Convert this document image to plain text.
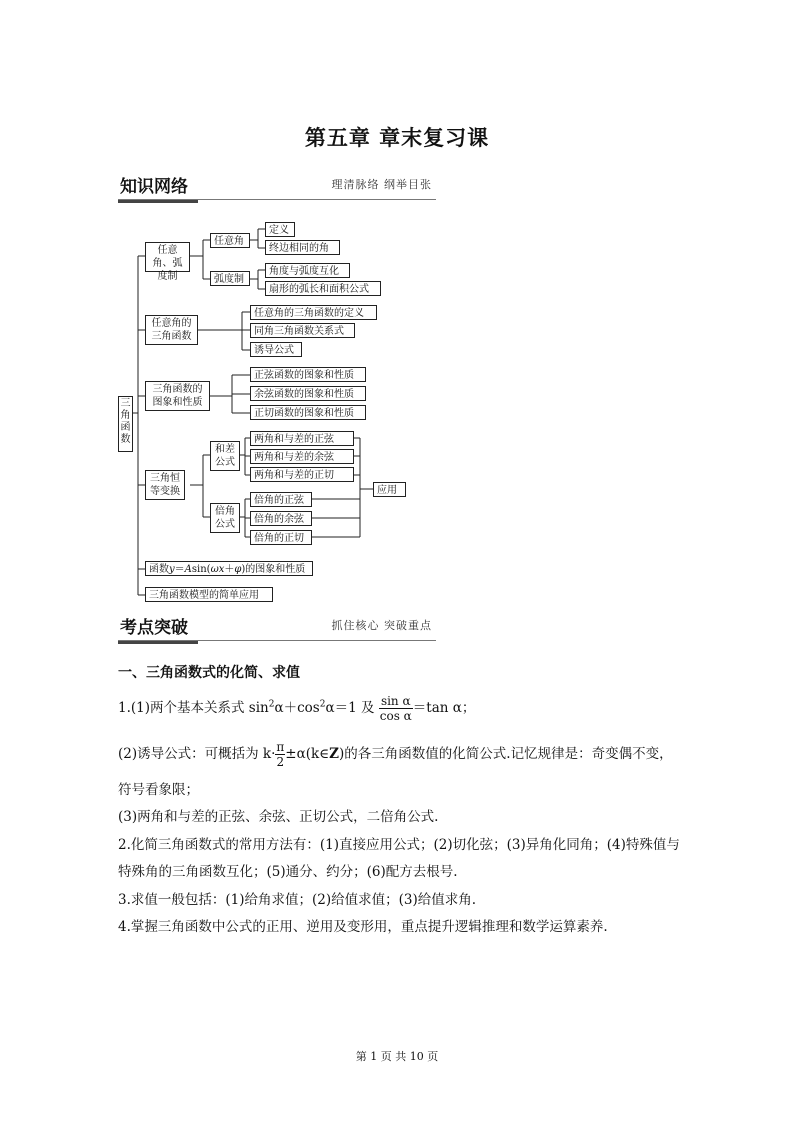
第五章 章末复习课
知识网络	理清脉络 纲举目张
三角函数
任意角、弧度制
任意角
定义
终边相同的角
弧度制
角度与弧度互化
扇形的弧长和面积公式
任意角的三角函数
任意角的三角函数的定义
同角三角函数关系式
诱导公式
三角函数的图象和性质
正弦函数的图象和性质
余弦函数的图象和性质
正切函数的图象和性质
三角恒等变换
和差公式
两角和与差的正弦
两角和与差的余弦
两角和与差的正切
倍角公式
倍角的正弦
倍角的余弦
倍角的正切
应用
函数y＝Asin(ωx＋φ)的图象和性质
三角函数模型的简单应用
考点突破	抓住核心 突破重点
一、三角函数式的化简、求值
1.(1)两个基本关系式 $\sin^2\alpha+\cos^2\alpha=1$ 及 $\frac{\text{sin α}}{\text{cos α}} =\tan$ α；
(2)诱导公式：可概括为 $k\cdot \frac{\pi}{2}$ ±α(k∈Z)的各三角函数值的化简公式.记忆规律是：奇变偶不变，
符号看象限；
(3)两角和与差的正弦、余弦、正切公式，二倍角公式.
2.化简三角函数式的常用方法有：(1)直接应用公式；(2)切化弦；(3)异角化同角；(4)特殊值与
特殊角的三角函数互化；(5)通分、约分；(6)配方去根号.
3.求值一般包括：(1)给角求值；(2)给值求值；(3)给值求角.
4.掌握三角函数中公式的正用、逆用及变形用，重点提升逻辑推理和数学运算素养.
第 1 页 共 10 页
